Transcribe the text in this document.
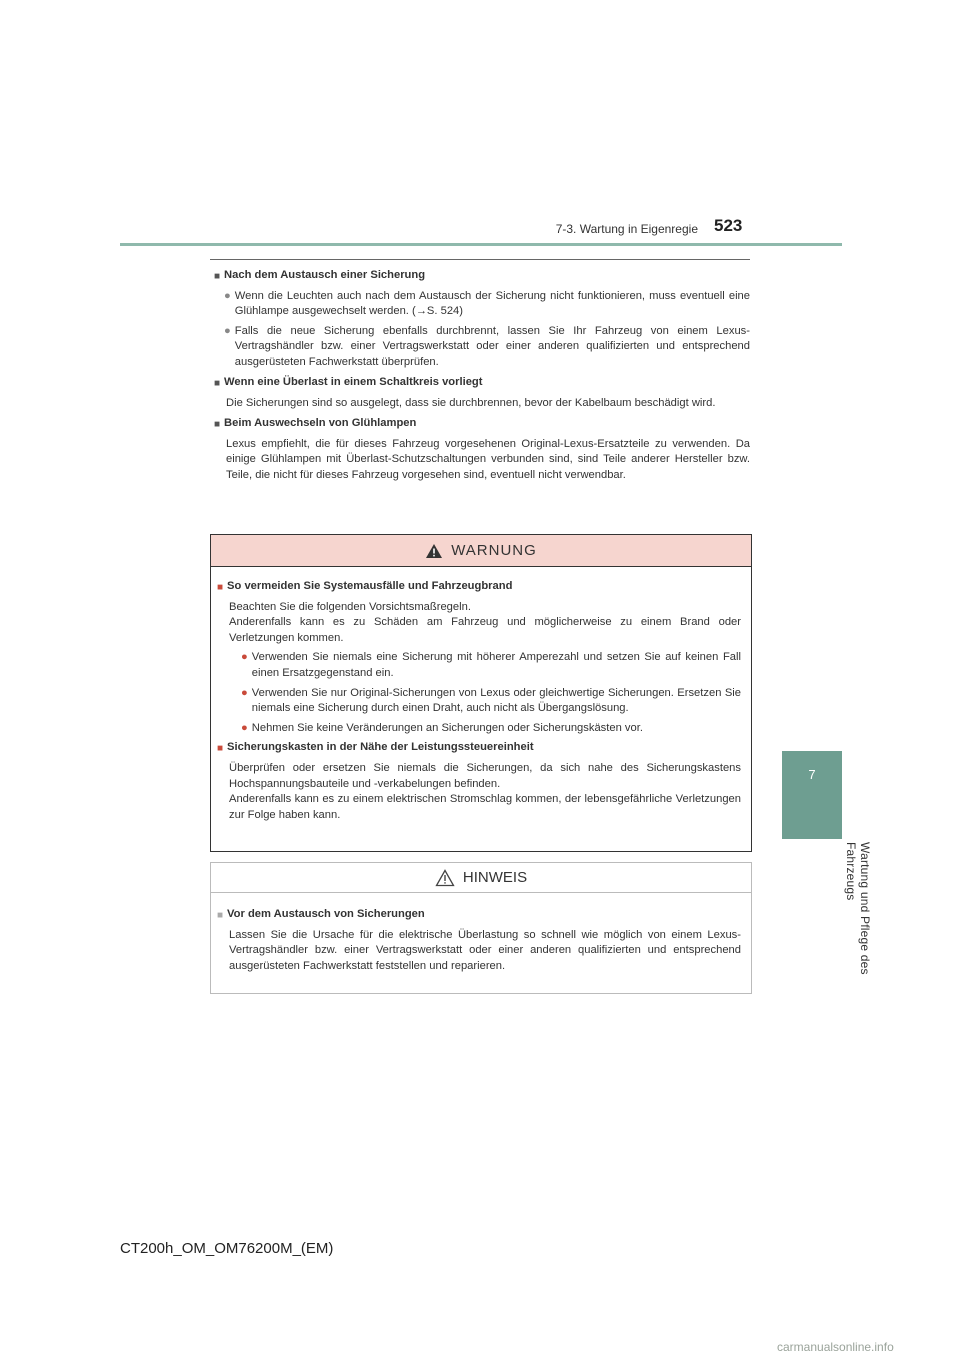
7-3. Wartung in Eigenregie 523
7
Wartung und Pflege des Fahrzeugs
■ Nach dem Austausch einer Sicherung
● Wenn die Leuchten auch nach dem Austausch der Sicherung nicht funktionieren, muss eventuell eine Glühlampe ausgewechselt werden. (→S. 524)
● Falls die neue Sicherung ebenfalls durchbrennt, lassen Sie Ihr Fahrzeug von einem Lexus-Vertragshändler bzw. einer Vertragswerkstatt oder einer anderen qualifizierten und entsprechend ausgerüsteten Fachwerkstatt überprüfen.
■ Wenn eine Überlast in einem Schaltkreis vorliegt
Die Sicherungen sind so ausgelegt, dass sie durchbrennen, bevor der Kabelbaum beschädigt wird.
■ Beim Auswechseln von Glühlampen
Lexus empfiehlt, die für dieses Fahrzeug vorgesehenen Original-Lexus-Ersatzteile zu verwenden. Da einige Glühlampen mit Überlast-Schutzschaltungen verbunden sind, sind Teile anderer Hersteller bzw. Teile, die nicht für dieses Fahrzeug vorgesehen sind, eventuell nicht verwendbar.
WARNUNG
■ So vermeiden Sie Systemausfälle und Fahrzeugbrand
Beachten Sie die folgenden Vorsichtsmaßregeln.
Anderenfalls kann es zu Schäden am Fahrzeug und möglicherweise zu einem Brand oder Verletzungen kommen.
● Verwenden Sie niemals eine Sicherung mit höherer Amperezahl und setzen Sie auf keinen Fall einen Ersatzgegenstand ein.
● Verwenden Sie nur Original-Sicherungen von Lexus oder gleichwertige Sicherungen. Ersetzen Sie niemals eine Sicherung durch einen Draht, auch nicht als Übergangslösung.
● Nehmen Sie keine Veränderungen an Sicherungen oder Sicherungskästen vor.
■ Sicherungskasten in der Nähe der Leistungssteuereinheit
Überprüfen oder ersetzen Sie niemals die Sicherungen, da sich nahe des Sicherungskastens Hochspannungsbauteile und -verkabelungen befinden.
Anderenfalls kann es zu einem elektrischen Stromschlag kommen, der lebensgefährliche Verletzungen zur Folge haben kann.
HINWEIS
■ Vor dem Austausch von Sicherungen
Lassen Sie die Ursache für die elektrische Überlastung so schnell wie möglich von einem Lexus-Vertragshändler bzw. einer Vertragswerkstatt oder einer anderen qualifizierten und entsprechend ausgerüsteten Fachwerkstatt feststellen und reparieren.
CT200h_OM_OM76200M_(EM)
carmanualsonline.info
